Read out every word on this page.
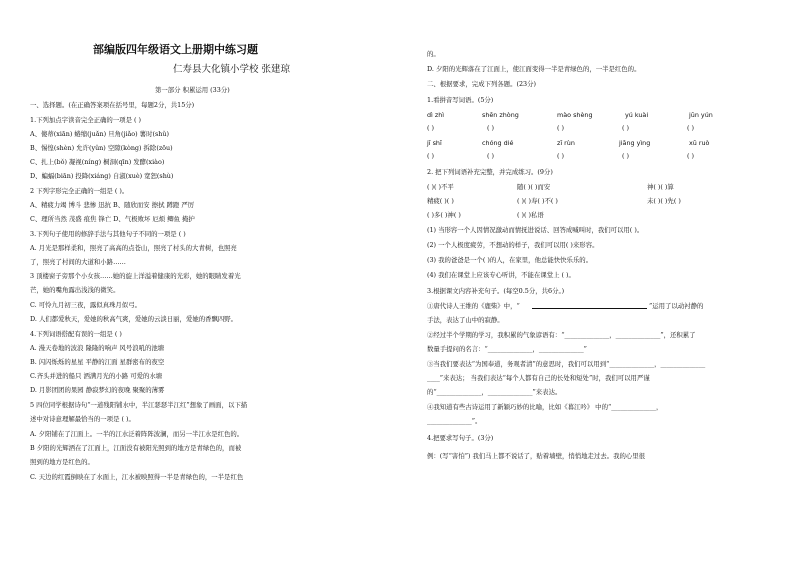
部编版四年级语文上册期中练习题
仁寿县大化镇小学校 张建琼
第一部分 积累运用 (33分)
一、选择题。(在正确答案项在括号里，每题2分，共15分)
1.下列加点字读音完全正确的一项是 ( )
A、傻蒂(xiān) 蜷缩(juǎn) 旦角(jiǎo) 薯时(shǔ)
B、惕惶(shèn) 允许(yǔn) 空隙(kòng) 拆除(zōu)
C、扎上(bǒ) 凝视(níng) 桐洞(qīn) 发酵(xiào)
D、蝙蝠(biān) 投降(xiáng) 自淑(xuè) 宽恕(shù)
2 下列字形完全正确的一组是 ( )。
A、精疲力竭 博斗 悲惨 迅抗 B、随欣而安 擦拭 蹲蹬 严厉
C、理所当然 茂盛 痕焦 锋亡 D、气极败坏 厄烦 鲫鱼 掩护
3.下列句子使用的修辞手法与其他句子不同的一项是 ( )
A. 月光是那样柔和，照亮了高高的点苍山，照亮了村头的大青树，也照亮
了，照亮了村间的大道和小路……
3 顶楼窗子旁那个小女孩……她的旋上洋溢着健康的光彩，她的眼睛发着光
芒，她的嘴角露出浅浅的微笑。
C. 可怜九月初三夜，露似真珠月似弓。
D. 人们都爱秋天，爱她的秋高气爽，爱她的云淡日丽，爱她的香飘四野。
4.下列词语搭配有误的一组是 ( )
A. 漫天卷地的波浪 隆隆的响声 风号浪吼的池塘
B. 闪闪烁烁的星星 平静的江面 星群密布的夜空
C.齐头并进的船只 洒满月光的小路 可爱的水塘
D. 月影团团的果园 静寂梦幻的夜晚 聚聚的薄雾
5 四位同学根据诗句“一道残阳铺水中，半江瑟瑟半江红”想象了画面，以下描
述中对诗意理解最恰当的一项是 ( )。
A. 夕阳铺在了江面上。一半的江水泛着阵阵波澜，而另一半江水是红色的。
B 夕阳的光辉洒在了江面上，江面没有被阳光照到的地方是青绿色的，而被
照到的地方是红色的。
C. 天边的红霞倒映在了水面上，江水被映照得一半是青绿色的，一半是红色
的。
D. 夕阳的光辉落在了江面上，使江面变得一半是青绿色的，一半是红色的。
二、根据要求，完成下列各题。(23分)
1.看拼音写词语。(5分)
dì zhì	shēn zhòng	mào shèng	yú kuài	jūn yún
( )	( )	( )	( )	( )
jī shī	chóng dié	zī rùn	jiāng yìng	xū ruò
( )	( )	( )	( )	( )
2. 把下列词语补充完整，并完成练习。(9分)
( )( )不平	随( )( )而安	神( )( )算
精疲( )( )	( )( )寿( )不( )	未( )( )先( )
( )多( )神( )	( )( )私语
(1) 当形容一个人因情况激动而情抚进说话、回答成喊叫时，我们可以用( )。
(2) 一个人极度疲劳，不想动的样子，我们可以用( )来形容。
(3) 我的爸爸是一个( )的人，在家里，他总能快快乐乐的。
(4) 我们在课堂上应该专心听讲，不能在课堂上 ( )。
3.根据课文内容补充句子。(每空0.5分，共6分。)
①唐代诗人王维的《鹿柴》中，“	”运用了以动衬静的
手法，表达了山中的寂静。
②经过半个学期的学习，我积累的气象谚语有：“______________，______________”，还积累了
数量手提问的名言：“______________，______________”
③当我们要表达“为国奉道，务观者清”的意思时，我们可以用到“______________，______________
____”来表达； 当我们表达“每个人都有自己的长处和短处”时，我们可以用严谨
的“______________，______________”来表达。
④我知道有些古诗运用了新颖巧妙的比喻，比如《暮江吟》 中的“______________，
______________”。
4.把要求写句子。(3分)
例：(写“害怕”) 我们马上都不说话了，贴着墙壁，悄悄地走过去。我的心里很
